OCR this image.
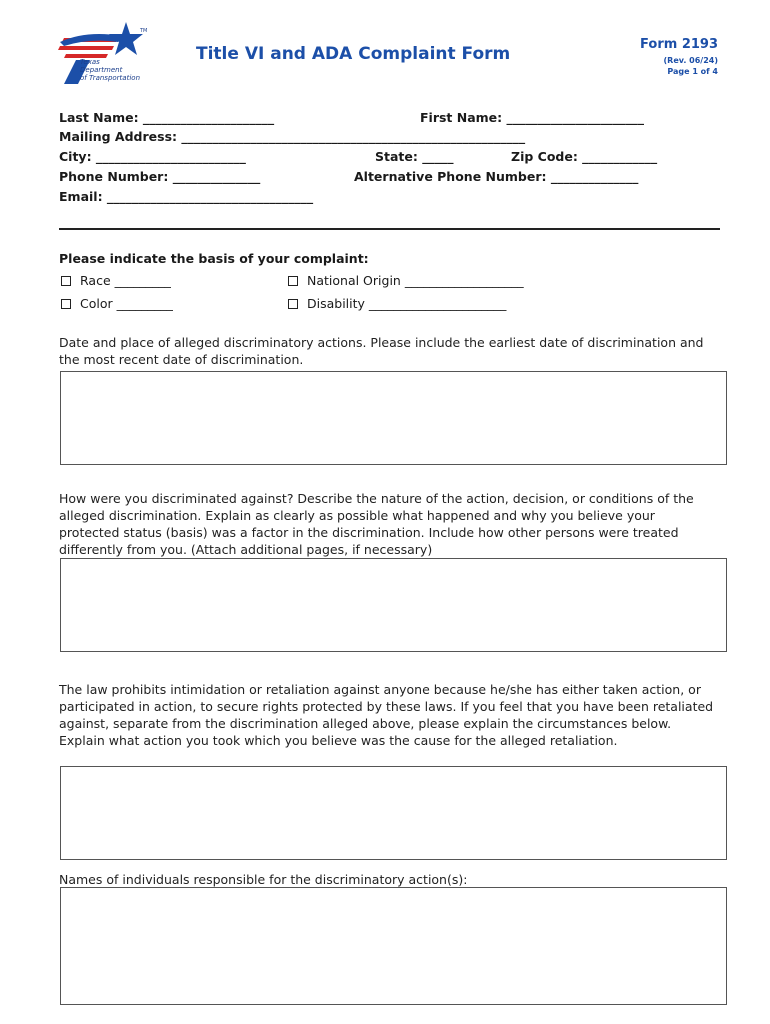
Texas
Department
of Transportation
TM
Title VI and ADA Complaint Form	Form 2193
(Rev. 06/24)
Page 1 of 4
Last Name: _____________________	First Name: ______________________
Mailing Address: _______________________________________________________
City: ________________________	State: _____	Zip Code: ____________
Phone Number: ______________	Alternative Phone Number: ______________
Email: _________________________________
Please indicate the basis of your complaint:
Race _________
Color _________
National Origin ___________________
Disability ______________________
Date and place of alleged discriminatory actions. Please include the earliest date of discrimination and the most recent date of discrimination.
How were you discriminated against? Describe the nature of the action, decision, or conditions of the alleged discrimination. Explain as clearly as possible what happened and why you believe your protected status (basis) was a factor in the discrimination. Include how other persons were treated differently from you. (Attach additional pages, if necessary)
The law prohibits intimidation or retaliation against anyone because he/she has either taken action, or participated in action, to secure rights protected by these laws. If you feel that you have been retaliated against, separate from the discrimination alleged above, please explain the circumstances below. Explain what action you took which you believe was the cause for the alleged retaliation.
Names of individuals responsible for the discriminatory action(s):
